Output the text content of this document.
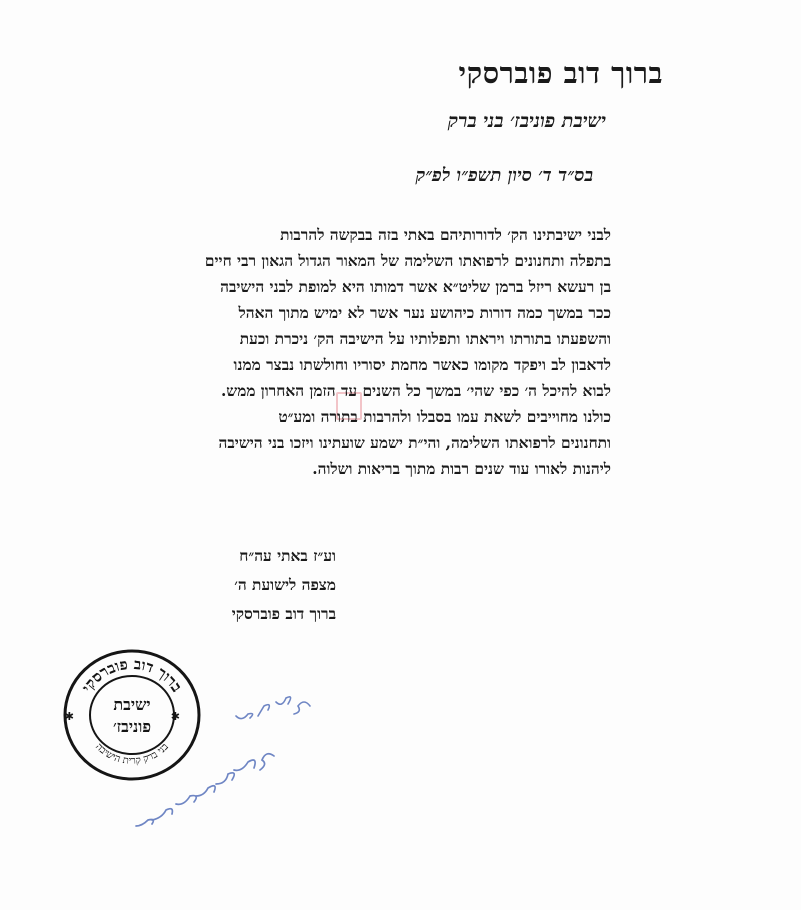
ברוך דוב פוברסקי
ישיבת פוניבז׳ בני ברק
בס״ד ד׳ סיון תשפ״ו לפ״ק
לבני ישיבתינו הק׳ לדורותיהם באתי בזה בבקשה להרבות
בתפלה ותחנונים לרפואתו השלימה של המאור הגדול הגאון רבי חיים
בן רעשא ריזל ברמן שליט״א אשר דמותו היא למופת לבני הישיבה
ככר במשך כמה דורות כיהושע נער אשר לא ימיש מתוך האהל
והשפעתו בתורתו ויראתו ותפלותיו על הישיבה הק׳ ניכרת וכעת
לדאבון לב ויפקד מקומו כאשר מחמת יסוריו וחולשתו נבצר ממנו
לבוא להיכל ה׳ כפי שהי׳ במשך כל השנים עד הזמן האחרון ממש.
כולנו מחוייבים לשאת עמו בסבלו ולהרבות בתורה ומע״ט
ותחנונים לרפואתו השלימה, והי״ת ישמע שועתינו ויזכו בני הישיבה
ליהנות לאורו עוד שנים רבות מתוך בריאות ושלוה.
וע״ז באתי עה״ח
מצפה לישועת ה׳
ברוך דוב פוברסקי
ברוך דוב פוברסקי
בני ברק קרית הישיבה
ישיבת
פוניבז׳
✱	✱
